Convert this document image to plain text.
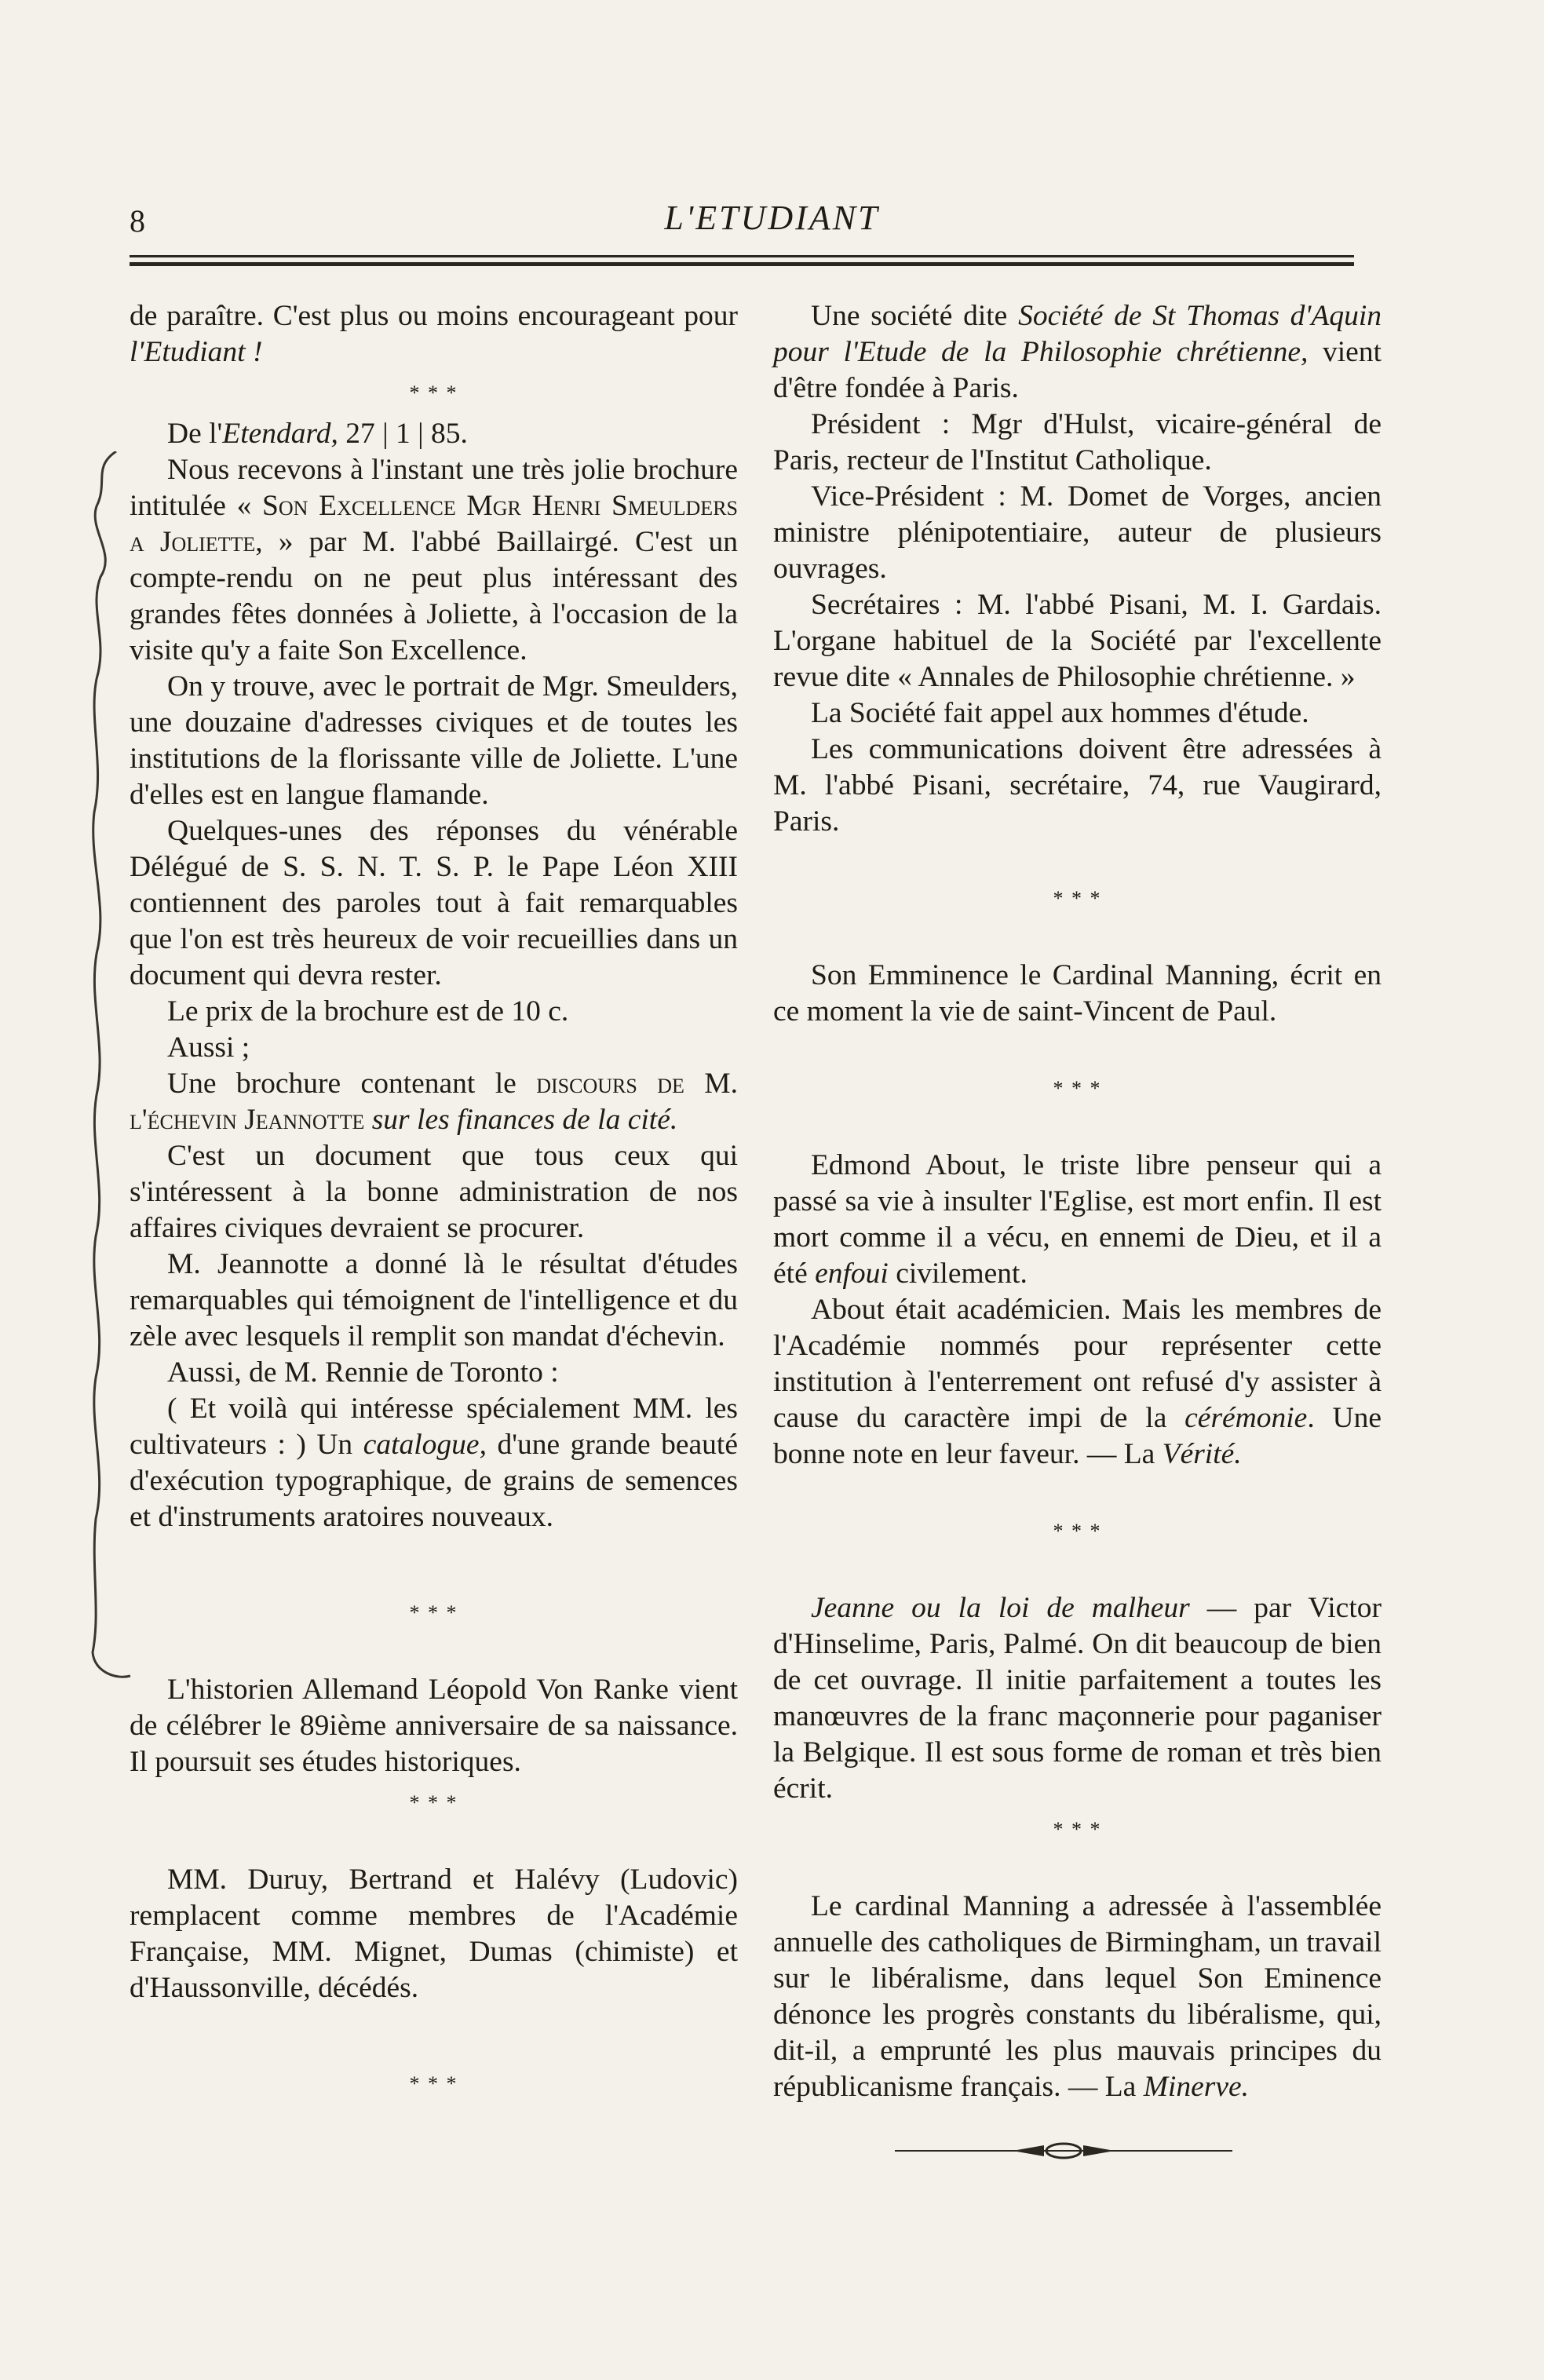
8	L'ETUDIANT

de paraître. C'est plus ou moins encourageant pour l'Etudiant !

* * *

De l'Etendard, 27 | 1 | 85.

Nous recevons à l'instant une très jolie brochure intitulée « Son Excellence Mgr Henri Smeulders a Joliette, » par M. l'abbé Baillairgé. C'est un compte-rendu on ne peut plus intéressant des grandes fêtes données à Joliette, à l'occasion de la visite qu'y a faite Son Excellence.

On y trouve, avec le portrait de Mgr. Smeulders, une douzaine d'adresses civiques et de toutes les institutions de la florissante ville de Joliette. L'une d'elles est en langue flamande.

Quelques-unes des réponses du vénérable Délégué de S. S. N. T. S. P. le Pape Léon XIII contiennent des paroles tout à fait remarquables que l'on est très heureux de voir recueillies dans un document qui devra rester.

Le prix de la brochure est de 10 c.

Aussi ;

Une brochure contenant le discours de M. l'échevin Jeannotte sur les finances de la cité.

C'est un document que tous ceux qui s'intéressent à la bonne administration de nos affaires civiques devraient se procurer.

M. Jeannotte a donné là le résultat d'études remarquables qui témoignent de l'intelligence et du zèle avec lesquels il remplit son mandat d'échevin.

Aussi, de M. Rennie de Toronto :

( Et voilà qui intéresse spécialement MM. les cultivateurs : ) Un catalogue, d'une grande beauté d'exécution typographique, de grains de semences et d'instruments aratoires nouveaux.

* * *

L'historien Allemand Léopold Von Ranke vient de célébrer le 89ième anniversaire de sa naissance. Il poursuit ses études historiques.

* * *

MM. Duruy, Bertrand et Halévy (Ludovic) remplacent comme membres de l'Académie Française, MM. Mignet, Dumas (chimiste) et d'Haussonville, décédés.

* * *

Une société dite Société de St Thomas d'Aquin pour l'Etude de la Philosophie chrétienne, vient d'être fondée à Paris.

Président : Mgr d'Hulst, vicaire-général de Paris, recteur de l'Institut Catholique.

Vice-Président : M. Domet de Vorges, ancien ministre plénipotentiaire, auteur de plusieurs ouvrages.

Secrétaires : M. l'abbé Pisani, M. I. Gardais. L'organe habituel de la Société par l'excellente revue dite « Annales de Philosophie chrétienne. »

La Société fait appel aux hommes d'étude.

Les communications doivent être adressées à M. l'abbé Pisani, secrétaire, 74, rue Vaugirard, Paris.

* * *

Son Emminence le Cardinal Manning, écrit en ce moment la vie de saint-Vincent de Paul.

* * *

Edmond About, le triste libre penseur qui a passé sa vie à insulter l'Eglise, est mort enfin. Il est mort comme il a vécu, en ennemi de Dieu, et il a été enfoui civilement.

About était académicien. Mais les membres de l'Académie nommés pour représenter cette institution à l'enterrement ont refusé d'y assister à cause du caractère impi de la cérémonie. Une bonne note en leur faveur. — La Vérité.

* * *

Jeanne ou la loi de malheur — par Victor d'Hinselime, Paris, Palmé. On dit beaucoup de bien de cet ouvrage. Il initie parfaitement a toutes les manœuvres de la franc maçonnerie pour paganiser la Belgique. Il est sous forme de roman et très bien écrit.

* * *

Le cardinal Manning a adressée à l'assemblée annuelle des catholiques de Birmingham, un travail sur le libéralisme, dans lequel Son Eminence dénonce les progrès constants du libéralisme, qui, dit-il, a emprunté les plus mauvais principes du républicanisme français. — La Minerve.
